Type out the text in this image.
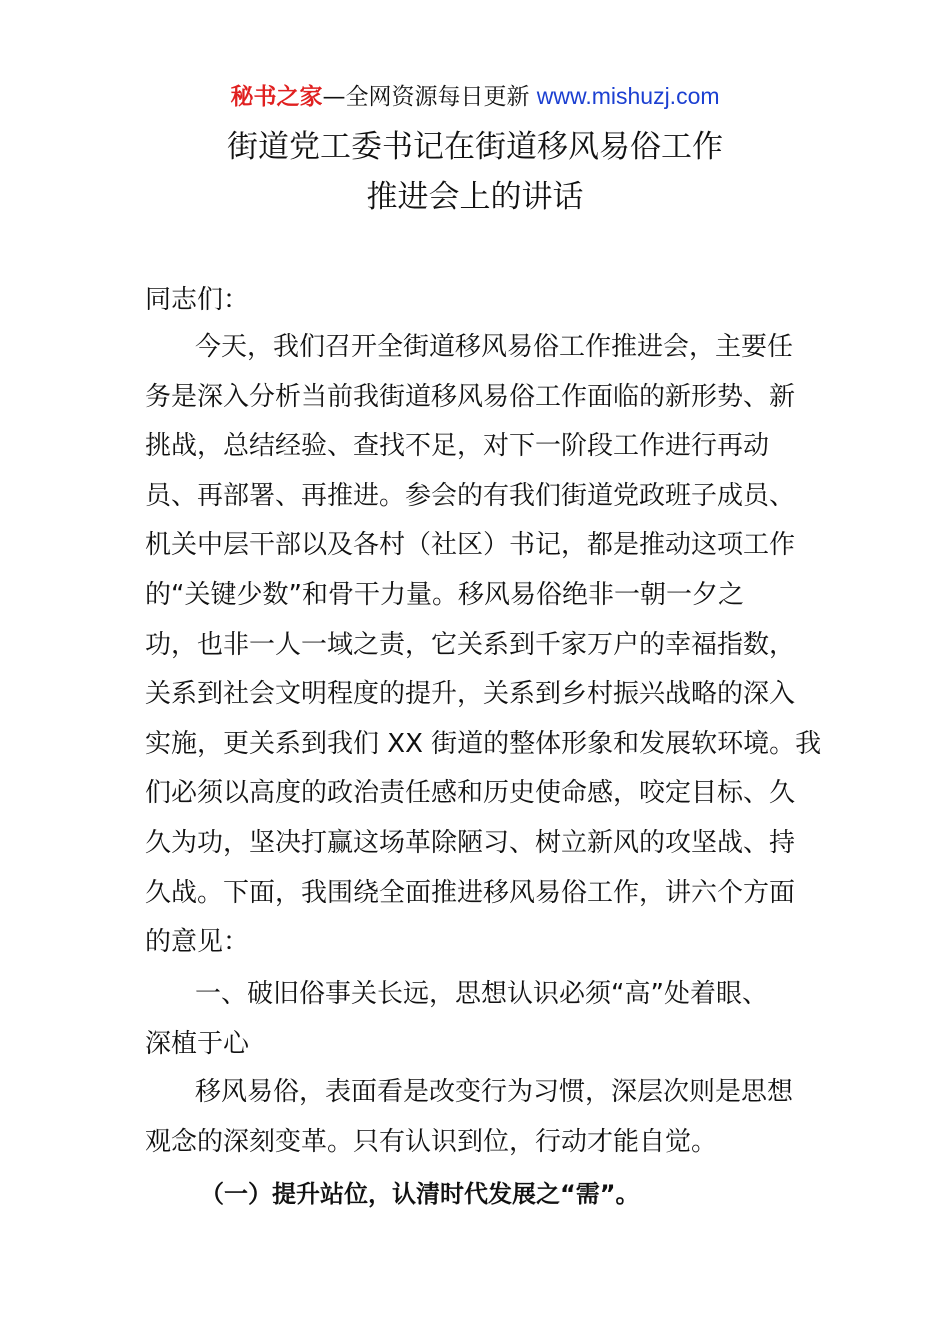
秘书之家—全网资源每日更新 www.mishuzj.com
街道党工委书记在街道移风易俗工作
推进会上的讲话
同志们：
今天，我们召开全街道移风易俗工作推进会，主要任
务是深入分析当前我街道移风易俗工作面临的新形势、新
挑战，总结经验、查找不足，对下一阶段工作进行再动
员、再部署、再推进。参会的有我们街道党政班子成员、
机关中层干部以及各村（社区）书记，都是推动这项工作
的“关键少数”和骨干力量。移风易俗绝非一朝一夕之
功，也非一人一域之责，它关系到千家万户的幸福指数，
关系到社会文明程度的提升，关系到乡村振兴战略的深入
实施，更关系到我们 XX 街道的整体形象和发展软环境。我
们必须以高度的政治责任感和历史使命感，咬定目标、久
久为功，坚决打赢这场革除陋习、树立新风的攻坚战、持
久战。下面，我围绕全面推进移风易俗工作，讲六个方面
的意见：
一、破旧俗事关长远，思想认识必须“高”处着眼、
深植于心
移风易俗，表面看是改变行为习惯，深层次则是思想
观念的深刻变革。只有认识到位，行动才能自觉。
（一）提升站位，认清时代发展之“需”。
